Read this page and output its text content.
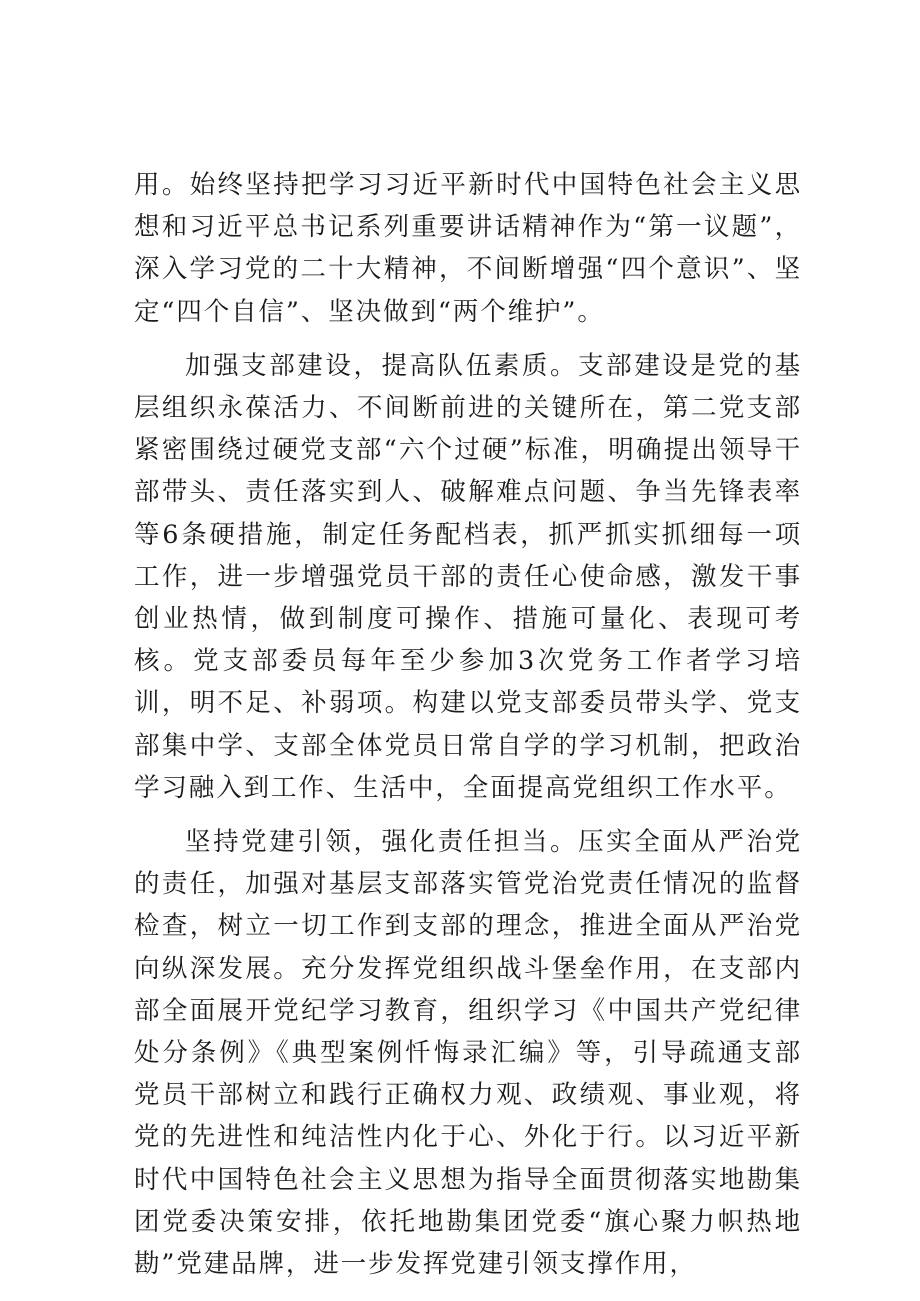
用。始终坚持把学习习近平新时代中国特色社会主义思想和习近平总书记系列重要讲话精神作为“第一议题”，深入学习党的二十大精神，不间断增强“四个意识”、坚定“四个自信”、坚决做到“两个维护”。

加强支部建设，提高队伍素质。支部建设是党的基层组织永葆活力、不间断前进的关键所在，第二党支部紧密围绕过硬党支部“六个过硬”标准，明确提出领导干部带头、责任落实到人、破解难点问题、争当先锋表率等6条硬措施，制定任务配档表，抓严抓实抓细每一项工作，进一步增强党员干部的责任心使命感，激发干事创业热情，做到制度可操作、措施可量化、表现可考核。党支部委员每年至少参加3次党务工作者学习培训，明不足、补弱项。构建以党支部委员带头学、党支部集中学、支部全体党员日常自学的学习机制，把政治学习融入到工作、生活中，全面提高党组织工作水平。

坚持党建引领，强化责任担当。压实全面从严治党的责任，加强对基层支部落实管党治党责任情况的监督检查，树立一切工作到支部的理念，推进全面从严治党向纵深发展。充分发挥党组织战斗堡垒作用，在支部内部全面展开党纪学习教育，组织学习《中国共产党纪律处分条例》《典型案例忏悔录汇编》等，引导疏通支部党员干部树立和践行正确权力观、政绩观、事业观，将党的先进性和纯洁性内化于心、外化于行。以习近平新时代中国特色社会主义思想为指导全面贯彻落实地勘集团党委决策安排，依托地勘集团党委“旗心聚力帜热地勘”党建品牌，进一步发挥党建引领支撑作用，
